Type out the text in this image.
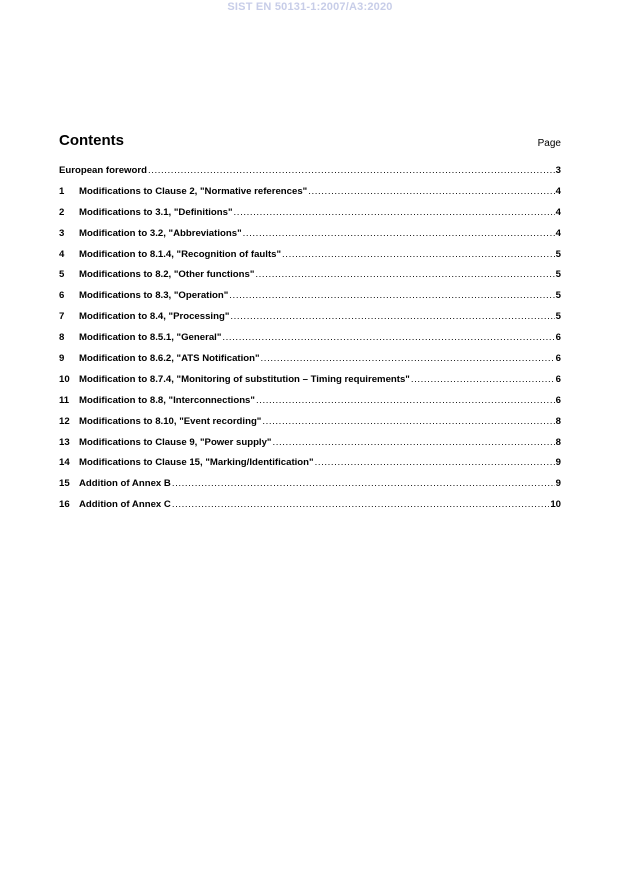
SIST EN 50131-1:2007/A3:2020
Contents	Page
European foreword .....	3
1	Modifications to Clause 2, "Normative references" .....	4
2	Modifications to 3.1, "Definitions" .....	4
3	Modification to 3.2, "Abbreviations" .....	4
4	Modification to 8.1.4, "Recognition of faults" .....	5
5	Modifications to 8.2, "Other functions" .....	5
6	Modifications to 8.3, "Operation" .....	5
7	Modification to 8.4, "Processing" .....	5
8	Modification to 8.5.1, "General" .....	6
9	Modification to 8.6.2, "ATS Notification" .....	6
10 Modification to 8.7.4, "Monitoring of substitution – Timing requirements" .....	6
11	Modification to 8.8, "Interconnections" .....	6
12 Modifications to 8.10, "Event recording" .....	8
13 Modifications to Clause 9, "Power supply" .....	8
14 Modifications to Clause 15, "Marking/Identification" .....	9
15 Addition of Annex B .....	9
16 Addition of Annex C .....	10
